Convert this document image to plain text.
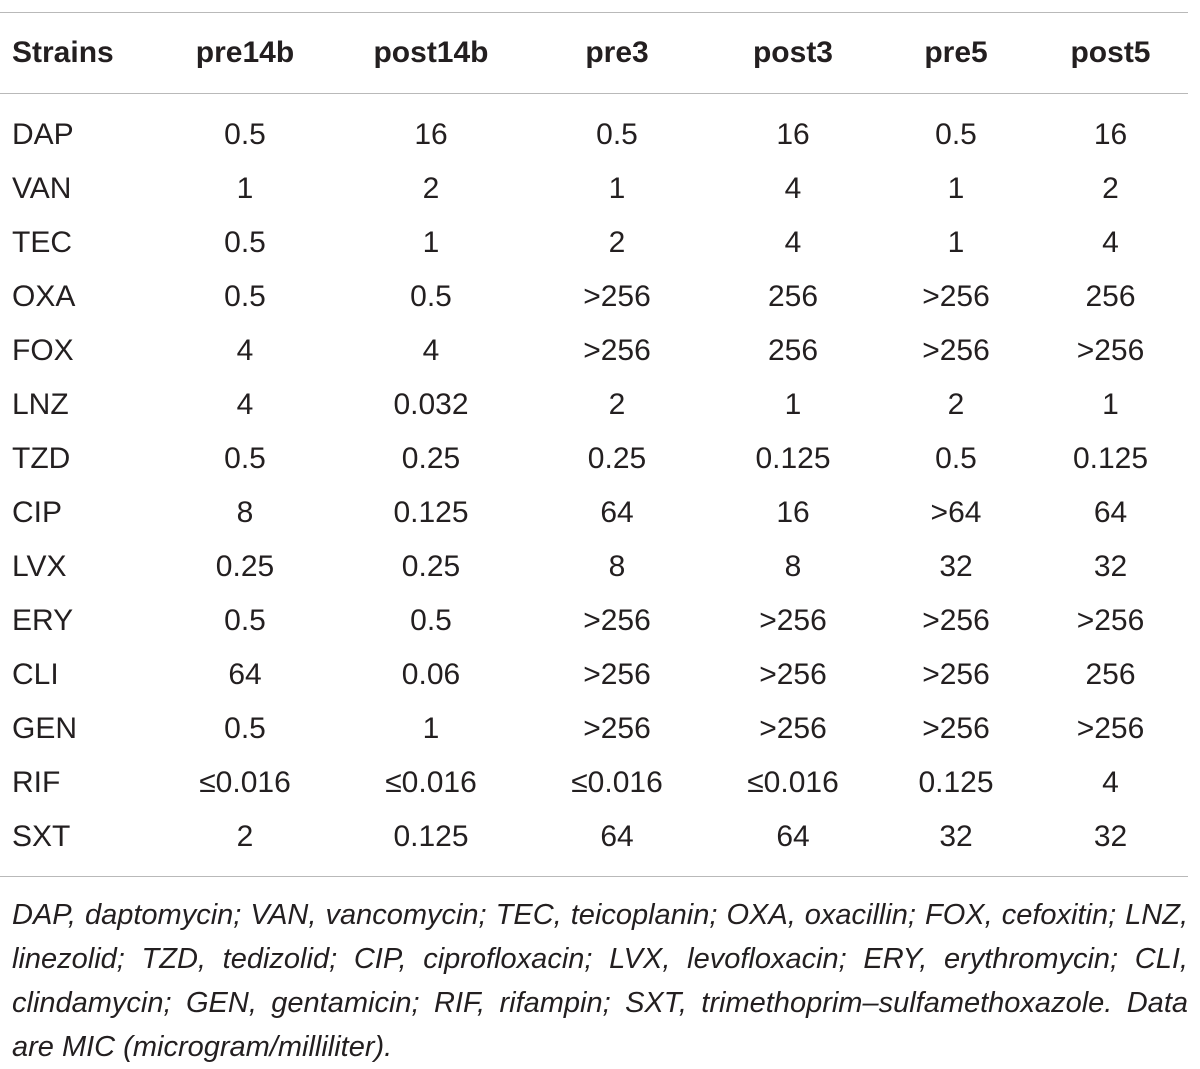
Strains	pre14b	post14b	pre3	post3	pre5	post5
DAP	0.5	16	0.5	16	0.5	16
VAN	1	2	1	4	1	2
TEC	0.5	1	2	4	1	4
OXA	0.5	0.5	>256	256	>256	256
FOX	4	4	>256	256	>256	>256
LNZ	4	0.032	2	1	2	1
TZD	0.5	0.25	0.25	0.125	0.5	0.125
CIP	8	0.125	64	16	>64	64
LVX	0.25	0.25	8	8	32	32
ERY	0.5	0.5	>256	>256	>256	>256
CLI	64	0.06	>256	>256	>256	256
GEN	0.5	1	>256	>256	>256	>256
RIF	≤0.016	≤0.016	≤0.016	≤0.016	0.125	4
SXT	2	0.125	64	64	32	32

DAP, daptomycin; VAN, vancomycin; TEC, teicoplanin; OXA, oxacillin; FOX, cefoxitin; LNZ, linezolid; TZD, tedizolid; CIP, ciprofloxacin; LVX, levofloxacin; ERY, erythromycin; CLI, clindamycin; GEN, gentamicin; RIF, rifampin; SXT, trimethoprim–sulfamethoxazole. Data are MIC (microgram/milliliter).
